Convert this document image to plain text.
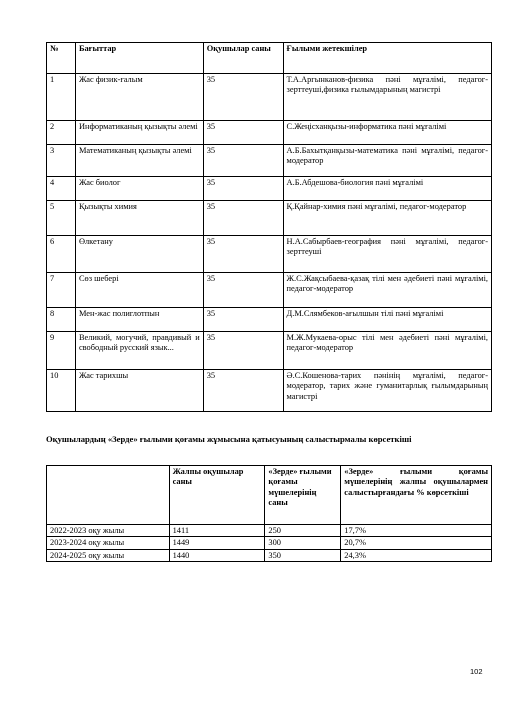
№	Бағыттар	Оқушылар саны	Ғылыми жетекшілер
1	Жас физик-ғалым	35	Т.А.Аргынканов-физика пәні мұғалімі, педагог-зерттеуші,физика ғылымдарының магистрі
2	Информатиканың қызықты әлемі	35	С.Жеңісханқызы-информатика пәні мұғалімі
3	Математиканың қызықты әлемі	35	А.Б.Бахытқанқызы-математика пәні мұғалімі, педагог-модератор
4	Жас биолог	35	А.Б.Абдешова-биология пәні мұғалімі
5	Қызықты химия	35	Қ.Қайнар-химия пәні мұғалімі, педагог-модератор
6	Өлкетану	35	Н.А.Сабырбаев-география пәні мұғалімі, педагог-зерттеуші
7	Сөз шебері	35	Ж.С.Жақсыбаева-қазақ тілі мен әдебиеті пәні мұғалімі, педагог-модератор
8	Мен-жас полиглотпын	35	Д.М.Слямбеков-ағылшын тілі пәні мұғалімі
9	Великий, могучий, правдивый и свободный русский язык...	35	М.Ж.Мукаева-орыс тілі мен әдебиеті пәні мұғалімі, педагог-модератор
10	Жас тарихшы	35	Ә.С.Кошенова-тарих пәнінің мұғалімі, педагог-модератор, тарих және гуманитарлық ғылымдарының магистрі
Оқушылардың «Зерде» ғылыми қоғамы жұмысына қатысуының салыстырмалы көрсеткіші
	Жалпы оқушылар саны	«Зерде» ғылыми қоғамы мүшелерінің саны	«Зерде» ғылыми қоғамы мүшелерінің жалпы оқушылармен салыстырғандағы % көрсеткіші
2022-2023 оқу жылы	1411	250	17,7%
2023-2024 оқу жылы	1449	300	20,7%
2024-2025 оқу жылы	1440	350	24,3%
102
